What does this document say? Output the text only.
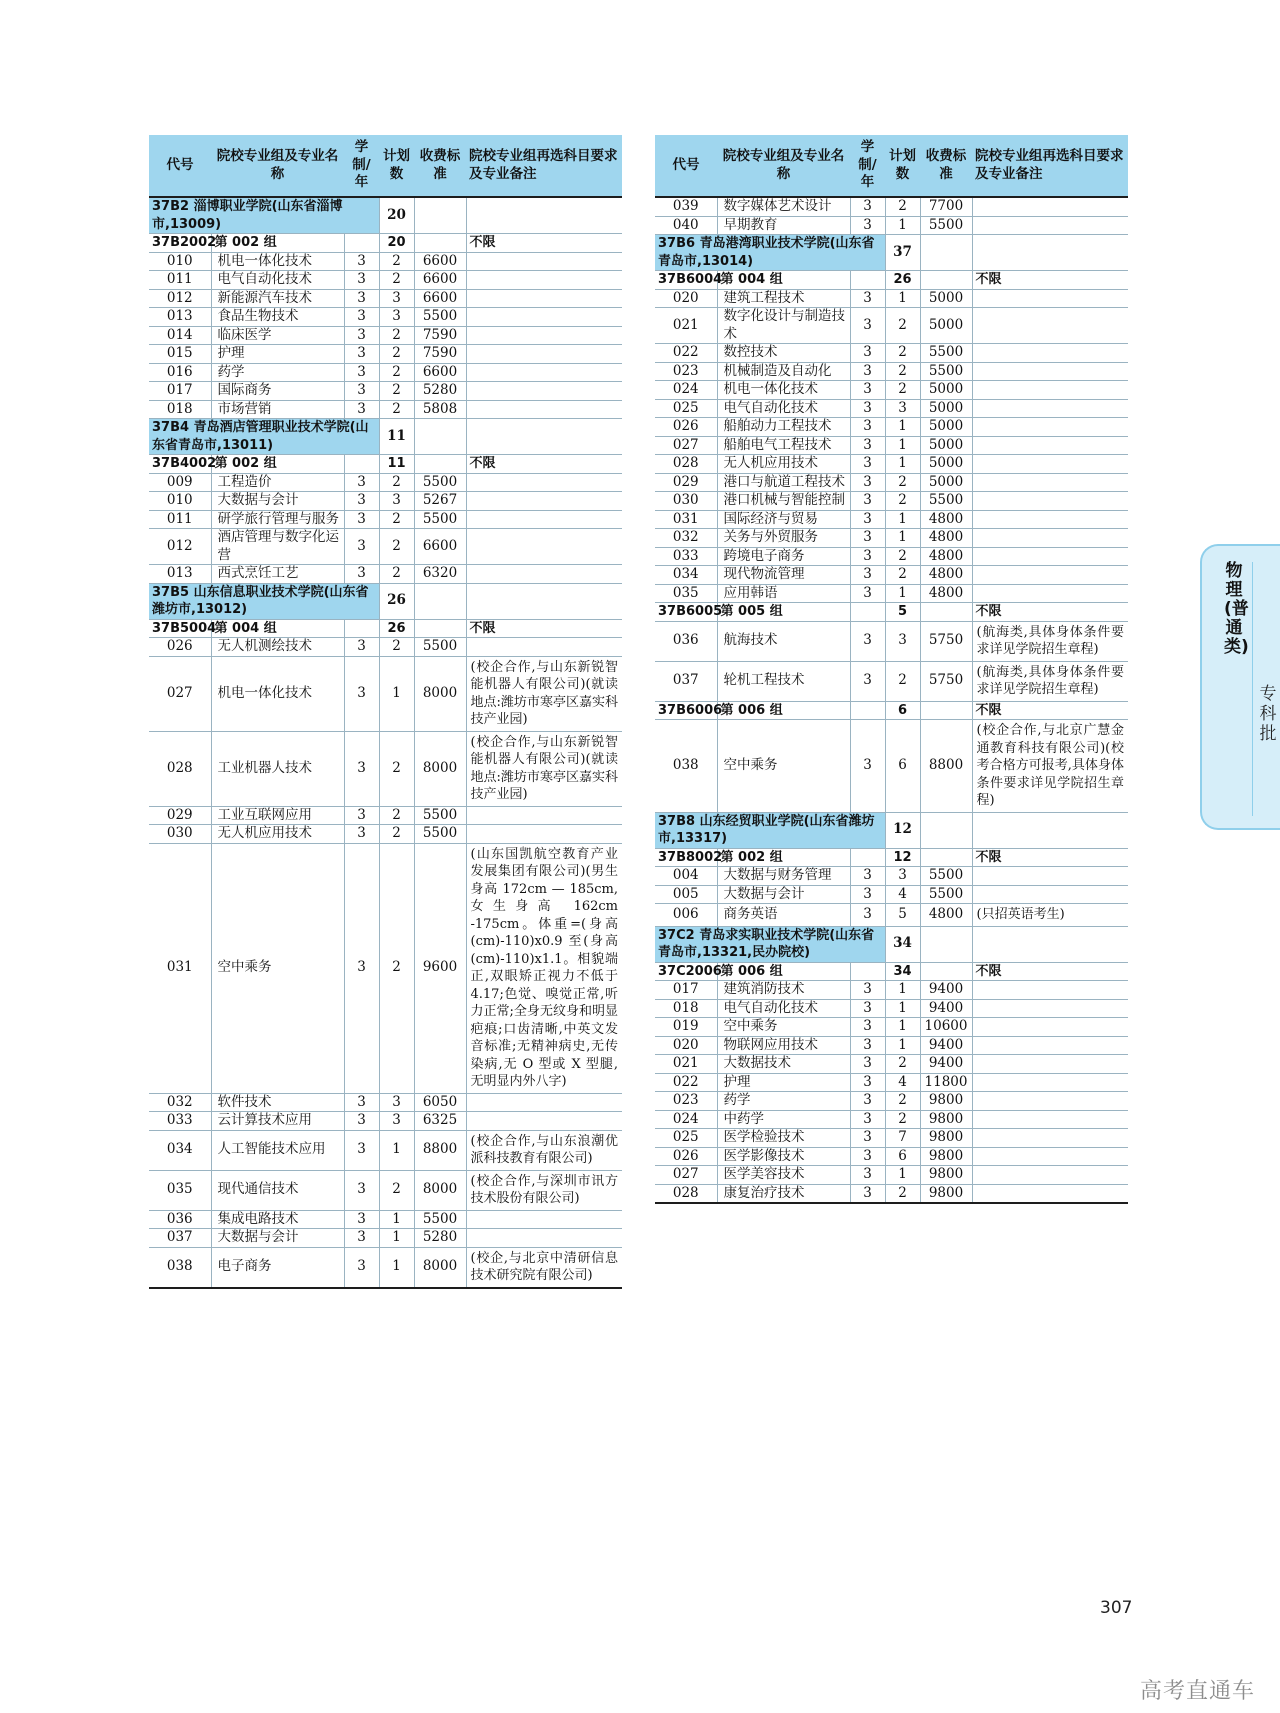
代号	院校专业组及专业名称	学制/年	计划数	收费标准	院校专业组再选科目要求及专业备注
37B2 淄博职业学院(山东省淄博市,13009)			20		
37B2002	第 002 组		20		不限
010	机电一体化技术	3	2	6600	
011	电气自动化技术	3	2	6600	
012	新能源汽车技术	3	3	6600	
013	食品生物技术	3	3	5500	
014	临床医学	3	2	7590	
015	护理	3	2	7590	
016	药学	3	2	6600	
017	国际商务	3	2	5280	
018	市场营销	3	2	5808	
37B4 青岛酒店管理职业技术学院(山东省青岛市,13011)			11		
37B4002	第 002 组		11		不限
009	工程造价	3	2	5500	
010	大数据与会计	3	3	5267	
011	研学旅行管理与服务	3	2	5500	
012	酒店管理与数字化运营	3	2	6600	
013	西式烹饪工艺	3	2	6320	
37B5 山东信息职业技术学院(山东省潍坊市,13012)			26		
37B5004	第 004 组		26		不限
026	无人机测绘技术	3	2	5500	
027	机电一体化技术	3	1	8000	(校企合作,与山东新锐智能机器人有限公司)(就读地点:潍坊市寒亭区嘉实科技产业园)
028	工业机器人技术	3	2	8000	(校企合作,与山东新锐智能机器人有限公司)(就读地点:潍坊市寒亭区嘉实科技产业园)
029	工业互联网应用	3	2	5500	
030	无人机应用技术	3	2	5500	
031	空中乘务	3	2	9600	(山东国凯航空教育产业发展集团有限公司)(男生身高 172cm — 185cm,女生身高 162cm -175cm。体重=(身高(cm)-110)x0.9 至(身高(cm)-110)x1.1。相貌端正,双眼矫正视力不低于4.17;色觉、嗅觉正常,听力正常;全身无纹身和明显疤痕;口齿清晰,中英文发音标准;无精神病史,无传染病,无 O 型或 X 型腿,无明显内外八字)
032	软件技术	3	3	6050	
033	云计算技术应用	3	3	6325	
034	人工智能技术应用	3	1	8800	(校企合作,与山东浪潮优派科技教育有限公司)
035	现代通信技术	3	2	8000	(校企合作,与深圳市讯方技术股份有限公司)
036	集成电路技术	3	1	5500	
037	大数据与会计	3	1	5280	
038	电子商务	3	1	8000	(校企,与北京中清研信息技术研究院有限公司)
代号	院校专业组及专业名称	学制/年	计划数	收费标准	院校专业组再选科目要求及专业备注
039	数字媒体艺术设计	3	2	7700	
040	早期教育	3	1	5500	
37B6 青岛港湾职业技术学院(山东省青岛市,13014)			37		
37B6004	第 004 组		26		不限
020	建筑工程技术	3	1	5000	
021	数字化设计与制造技术	3	2	5000	
022	数控技术	3	2	5500	
023	机械制造及自动化	3	2	5500	
024	机电一体化技术	3	2	5000	
025	电气自动化技术	3	3	5000	
026	船舶动力工程技术	3	1	5000	
027	船舶电气工程技术	3	1	5000	
028	无人机应用技术	3	1	5000	
029	港口与航道工程技术	3	2	5000	
030	港口机械与智能控制	3	2	5500	
031	国际经济与贸易	3	1	4800	
032	关务与外贸服务	3	1	4800	
033	跨境电子商务	3	2	4800	
034	现代物流管理	3	2	4800	
035	应用韩语	3	1	4800	
37B6005	第 005 组		5		不限
036	航海技术	3	3	5750	(航海类,具体身体条件要求详见学院招生章程)
037	轮机工程技术	3	2	5750	(航海类,具体身体条件要求详见学院招生章程)
37B6006	第 006 组		6		不限
038	空中乘务	3	6	8800	(校企合作,与北京广慧金通教育科技有限公司)(校考合格方可报考,具体身体条件要求详见学院招生章程)
37B8 山东经贸职业学院(山东省潍坊市,13317)			12		
37B8002	第 002 组		12		不限
004	大数据与财务管理	3	3	5500	
005	大数据与会计	3	4	5500	
006	商务英语	3	5	4800	(只招英语考生)
37C2 青岛求实职业技术学院(山东省青岛市,13321,民办院校)			34		
37C2006	第 006 组		34		不限
017	建筑消防技术	3	1	9400	
018	电气自动化技术	3	1	9400	
019	空中乘务	3	1	10600	
020	物联网应用技术	3	1	9400	
021	大数据技术	3	2	9400	
022	护理	3	4	11800	
023	药学	3	2	9800	
024	中药学	3	2	9800	
025	医学检验技术	3	7	9800	
026	医学影像技术	3	6	9800	
027	医学美容技术	3	1	9800	
028	康复治疗技术	3	2	9800	
物理(普通类)
专科批
307
高考直通车
